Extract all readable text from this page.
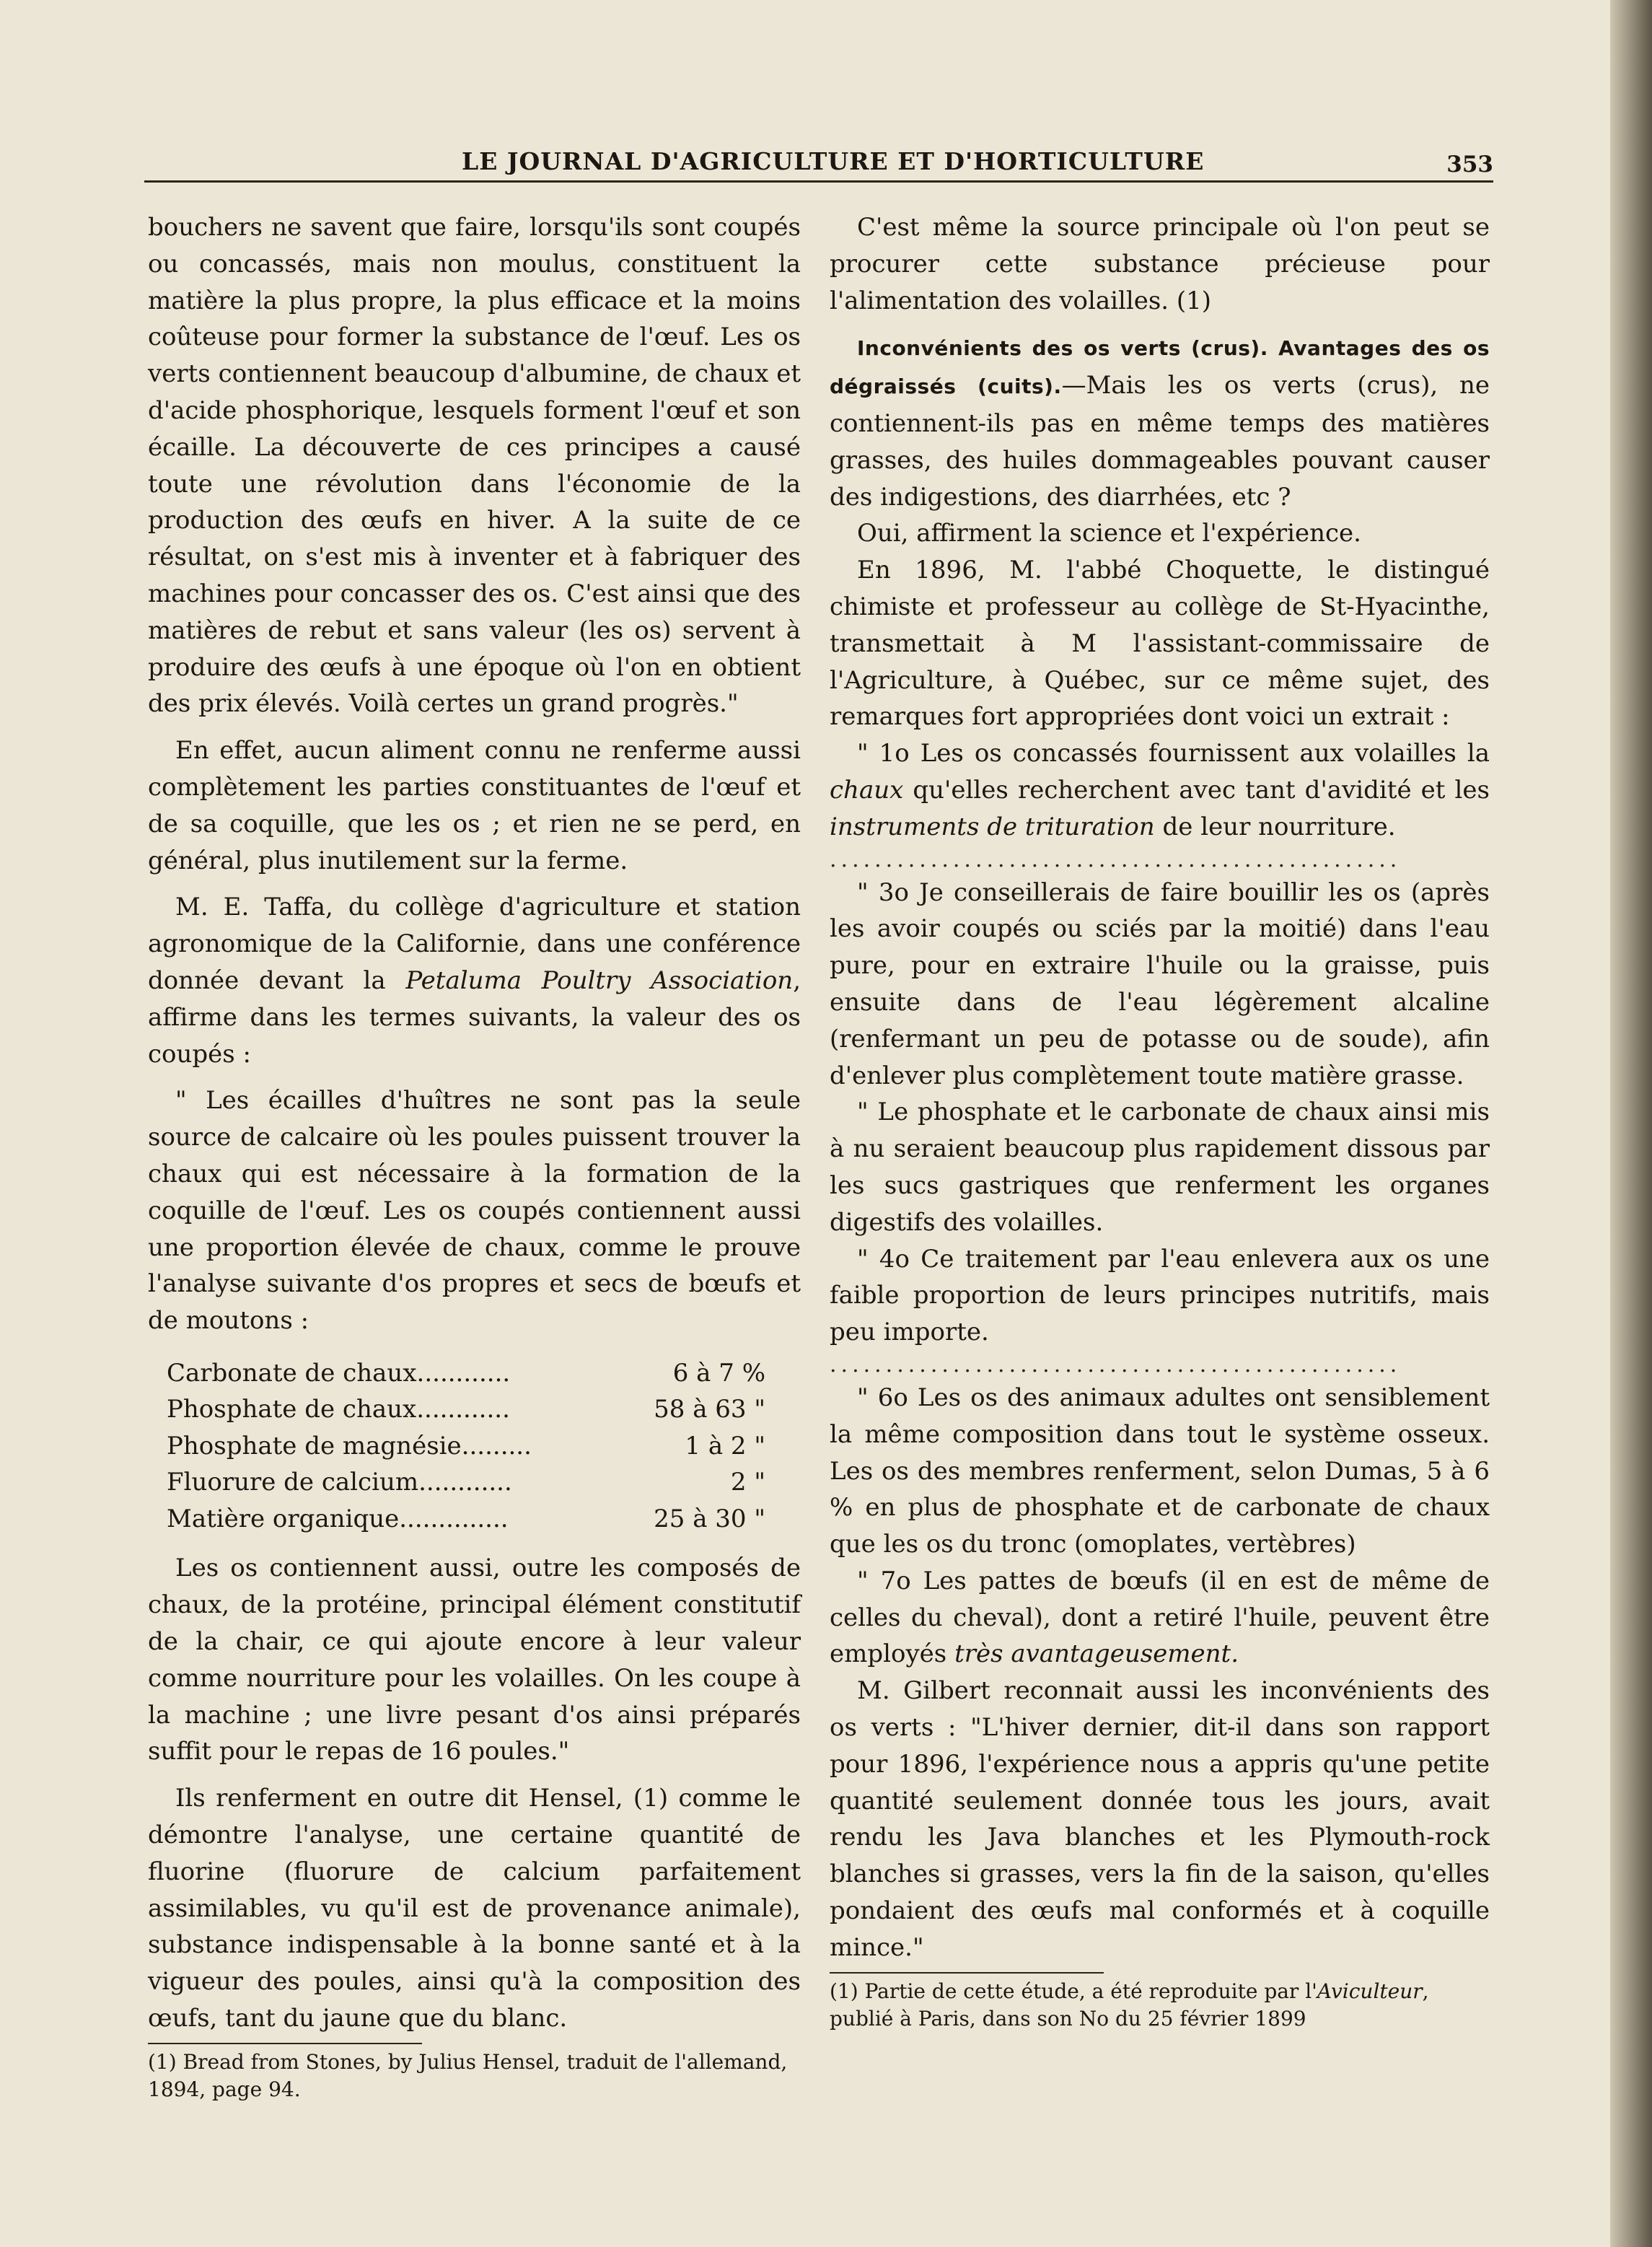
LE JOURNAL D'AGRICULTURE ET D'HORTICULTURE	353

bouchers ne savent que faire, lorsqu'ils sont coupés ou concassés, mais non moulus, constituent la matière la plus propre, la plus efficace et la moins coûteuse pour former la substance de l'œuf. Les os verts contiennent beaucoup d'albumine, de chaux et d'acide phosphorique, lesquels forment l'œuf et son écaille. La découverte de ces principes a causé toute une révolution dans l'économie de la production des œufs en hiver. A la suite de ce résultat, on s'est mis à inventer et à fabriquer des machines pour concasser des os. C'est ainsi que des matières de rebut et sans valeur (les os) servent à produire des œufs à une époque où l'on en obtient des prix élevés. Voilà certes un grand progrès."

En effet, aucun aliment connu ne renferme aussi complètement les parties constituantes de l'œuf et de sa coquille, que les os ; et rien ne se perd, en général, plus inutilement sur la ferme.

M. E. Taffa, du collège d'agriculture et station agronomique de la Californie, dans une conférence donnée devant la Petaluma Poultry Association, affirme dans les termes suivants, la valeur des os coupés :

" Les écailles d'huîtres ne sont pas la seule source de calcaire où les poules puissent trouver la chaux qui est nécessaire à la formation de la coquille de l'œuf. Les os coupés contiennent aussi une proportion élevée de chaux, comme le prouve l'analyse suivante d'os propres et secs de bœufs et de moutons :

Carbonate de chaux............	6 à 7 %
Phosphate de chaux............	58 à 63 "
Phosphate de magnésie.........	1 à 2 "
Fluorure de calcium............	2 "
Matière organique..............	25 à 30 "

Les os contiennent aussi, outre les composés de chaux, de la protéine, principal élément constitutif de la chair, ce qui ajoute encore à leur valeur comme nourriture pour les volailles. On les coupe à la machine ; une livre pesant d'os ainsi préparés suffit pour le repas de 16 poules."

Ils renferment en outre dit Hensel, (1) comme le démontre l'analyse, une certaine quantité de fluorine (fluorure de calcium parfaitement assimilables, vu qu'il est de provenance animale), substance indispensable à la bonne santé et à la vigueur des poules, ainsi qu'à la composition des œufs, tant du jaune que du blanc.

(1) Bread from Stones, by Julius Hensel, traduit de l'allemand, 1894, page 94.

C'est même la source principale où l'on peut se procurer cette substance précieuse pour l'alimentation des volailles. (1)

Inconvénients des os verts (crus). Avantages des os dégraissés (cuits).—Mais les os verts (crus), ne contiennent-ils pas en même temps des matières grasses, des huiles dommageables pouvant causer des indigestions, des diarrhées, etc ?

Oui, affirment la science et l'expérience.

En 1896, M. l'abbé Choquette, le distingué chimiste et professeur au collège de St-Hyacinthe, transmettait à M l'assistant-commissaire de l'Agriculture, à Québec, sur ce même sujet, des remarques fort appropriées dont voici un extrait :

" 1o Les os concassés fournissent aux volailles la chaux qu'elles recherchent avec tant d'avidité et les instruments de trituration de leur nourriture.

...................................................

" 3o Je conseillerais de faire bouillir les os (après les avoir coupés ou sciés par la moitié) dans l'eau pure, pour en extraire l'huile ou la graisse, puis ensuite dans de l'eau légèrement alcaline (renfermant un peu de potasse ou de soude), afin d'enlever plus complètement toute matière grasse.

" Le phosphate et le carbonate de chaux ainsi mis à nu seraient beaucoup plus rapidement dissous par les sucs gastriques que renferment les organes digestifs des volailles.

" 4o Ce traitement par l'eau enlevera aux os une faible proportion de leurs principes nutritifs, mais peu importe.

...................................................

" 6o Les os des animaux adultes ont sensiblement la même composition dans tout le système osseux. Les os des membres renferment, selon Dumas, 5 à 6 % en plus de phosphate et de carbonate de chaux que les os du tronc (omoplates, vertèbres)

" 7o Les pattes de bœufs (il en est de même de celles du cheval), dont a retiré l'huile, peuvent être employés très avantageusement.

M. Gilbert reconnait aussi les inconvénients des os verts : "L'hiver dernier, dit-il dans son rapport pour 1896, l'expérience nous a appris qu'une petite quantité seulement donnée tous les jours, avait rendu les Java blanches et les Plymouth-rock blanches si grasses, vers la fin de la saison, qu'elles pondaient des œufs mal conformés et à coquille mince."

(1) Partie de cette étude, a été reproduite par l'Aviculteur, publié à Paris, dans son No du 25 février 1899
